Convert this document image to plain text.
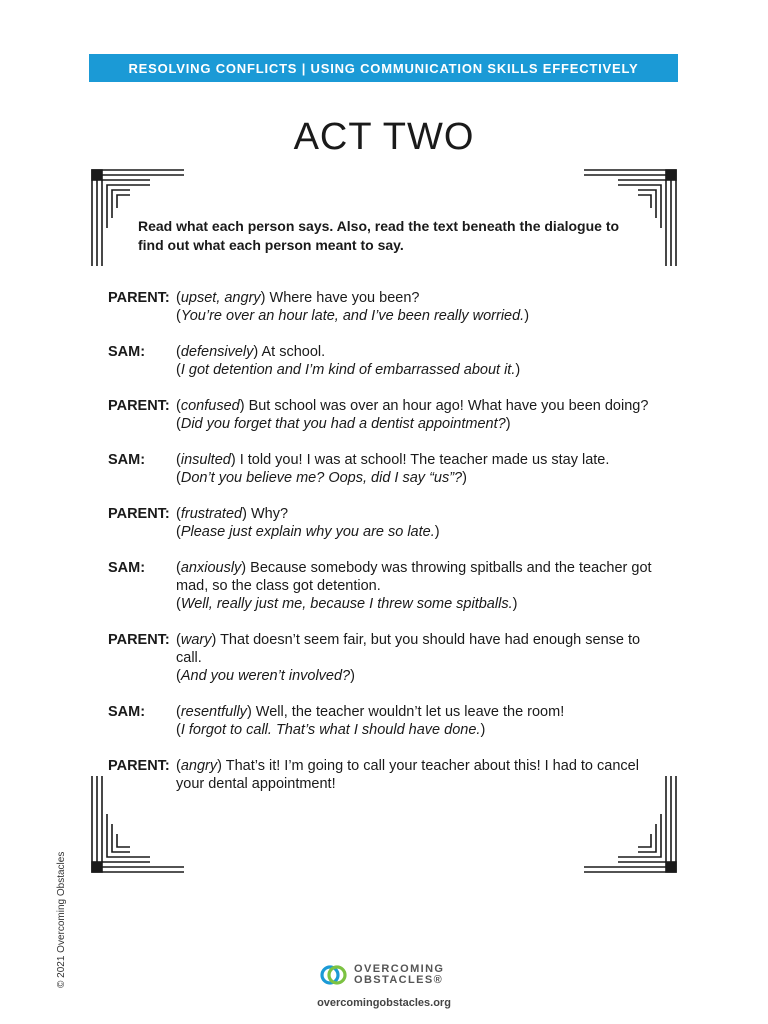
RESOLVING CONFLICTS | USING COMMUNICATION SKILLS EFFECTIVELY
ACT TWO
Read what each person says. Also, read the text beneath the dialogue to find out what each person meant to say.
PARENT: (upset, angry) Where have you been?

(You’re over an hour late, and I’ve been really worried.)

SAM: (defensively) At school.

(I got detention and I’m kind of embarrassed about it.)

PARENT: (confused) But school was over an hour ago! What have you been doing?

(Did you forget that you had a dentist appointment?)

SAM: (insulted) I told you! I was at school! The teacher made us stay late.

(Don’t you believe me? Oops, did I say “us”?)

PARENT: (frustrated) Why?

(Please just explain why you are so late.)

SAM: (anxiously) Because somebody was throwing spitballs and the teacher got mad, so the class got detention.

(Well, really just me, because I threw some spitballs.)

PARENT: (wary) That doesn’t seem fair, but you should have had enough sense to call.

(And you weren’t involved?)

SAM: (resentfully) Well, the teacher wouldn’t let us leave the room!

(I forgot to call. That’s what I should have done.)

PARENT: (angry) That’s it! I’m going to call your teacher about this! I had to cancel your dental appointment!

© 2021 Overcoming Obstacles	OVERCOMING
OBSTACLES®
overcomingobstacles.org
